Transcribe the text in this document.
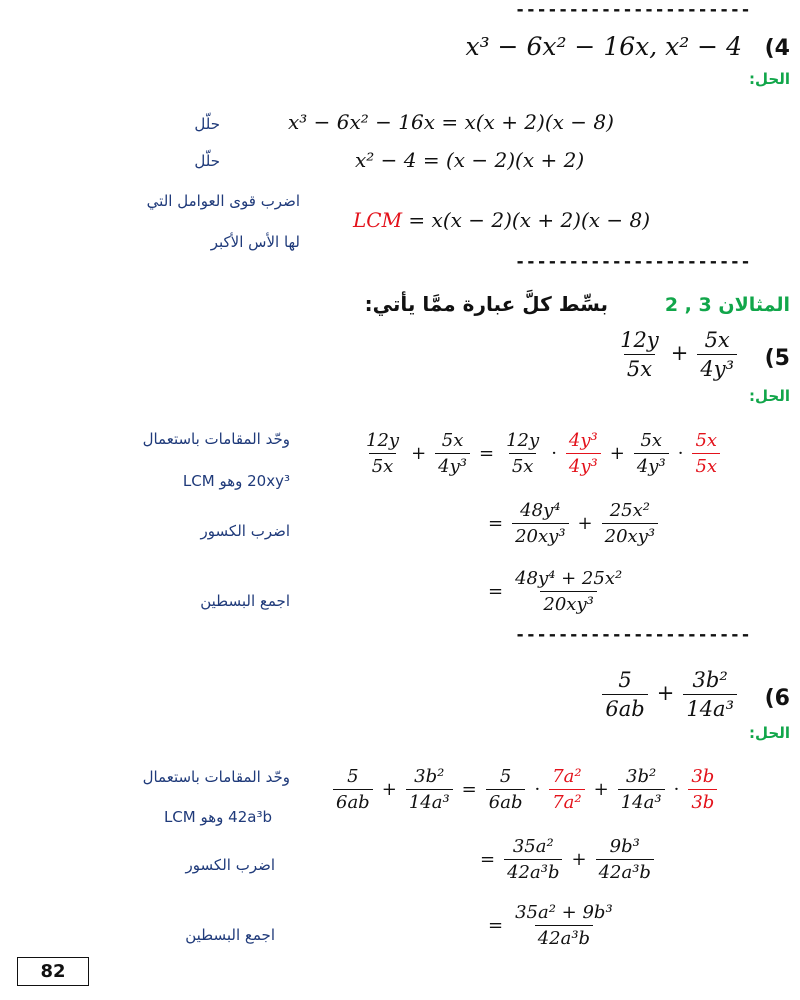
----------------------
x³ − 6x² − 16x, x² − 4 (4
الحل:
حلّل	x³ − 6x² − 16x = x(x + 2)(x − 8)
حلّل	x² − 4 = (x − 2)(x + 2)
اضرب قوى العوامل التي
لها الأس الأكبر
LCM = x(x − 2)(x + 2)(x − 8)
----------------------
المثالان 3 , 2
بسِّط كلَّ عبارة ممَّا يأتي:
$\frac{12y}{5x} + \frac{5x}{\text{4y³}} (5$
الحل:
وحّد المقامات باستعمال
20xy³ وهو LCM
$\frac{12y}{5x} + \frac{5x}{\text{4y³}} = \frac{12y}{5x} \cdot \frac{\text{4y³}}{\text{4y³}} + \frac{5x}{\text{4y³}} \cdot \frac{5x}{5x}$
اضرب الكسور	= $\frac{\text{48y⁴}}{\text{20xy³}} + \frac{\text{25x²}}{\text{20xy³}}$
اجمع البسطين	= $\frac{\text{48y⁴ + 25x²}}{\text{20xy³}}$
----------------------
$\frac{5}{6ab} + \frac{\text{3b²}}{\text{14a³}} (6$
الحل:
وحّد المقامات باستعمال
42a³b وهو LCM
$\frac{5}{6ab} + \frac{\text{3b²}}{\text{14a³}} = \frac{5}{6ab} \cdot \frac{\text{7a²}}{\text{7a²}} + \frac{\text{3b²}}{\text{14a³}} \cdot \frac{3b}{3b}$
اضرب الكسور	= $\frac{\text{35a²}}{\text{42a³b}} + \frac{\text{9b³}}{\text{42a³b}}$
اجمع البسطين	= $\frac{\text{35a² + 9b³}}{\text{42a³b}}$
82
